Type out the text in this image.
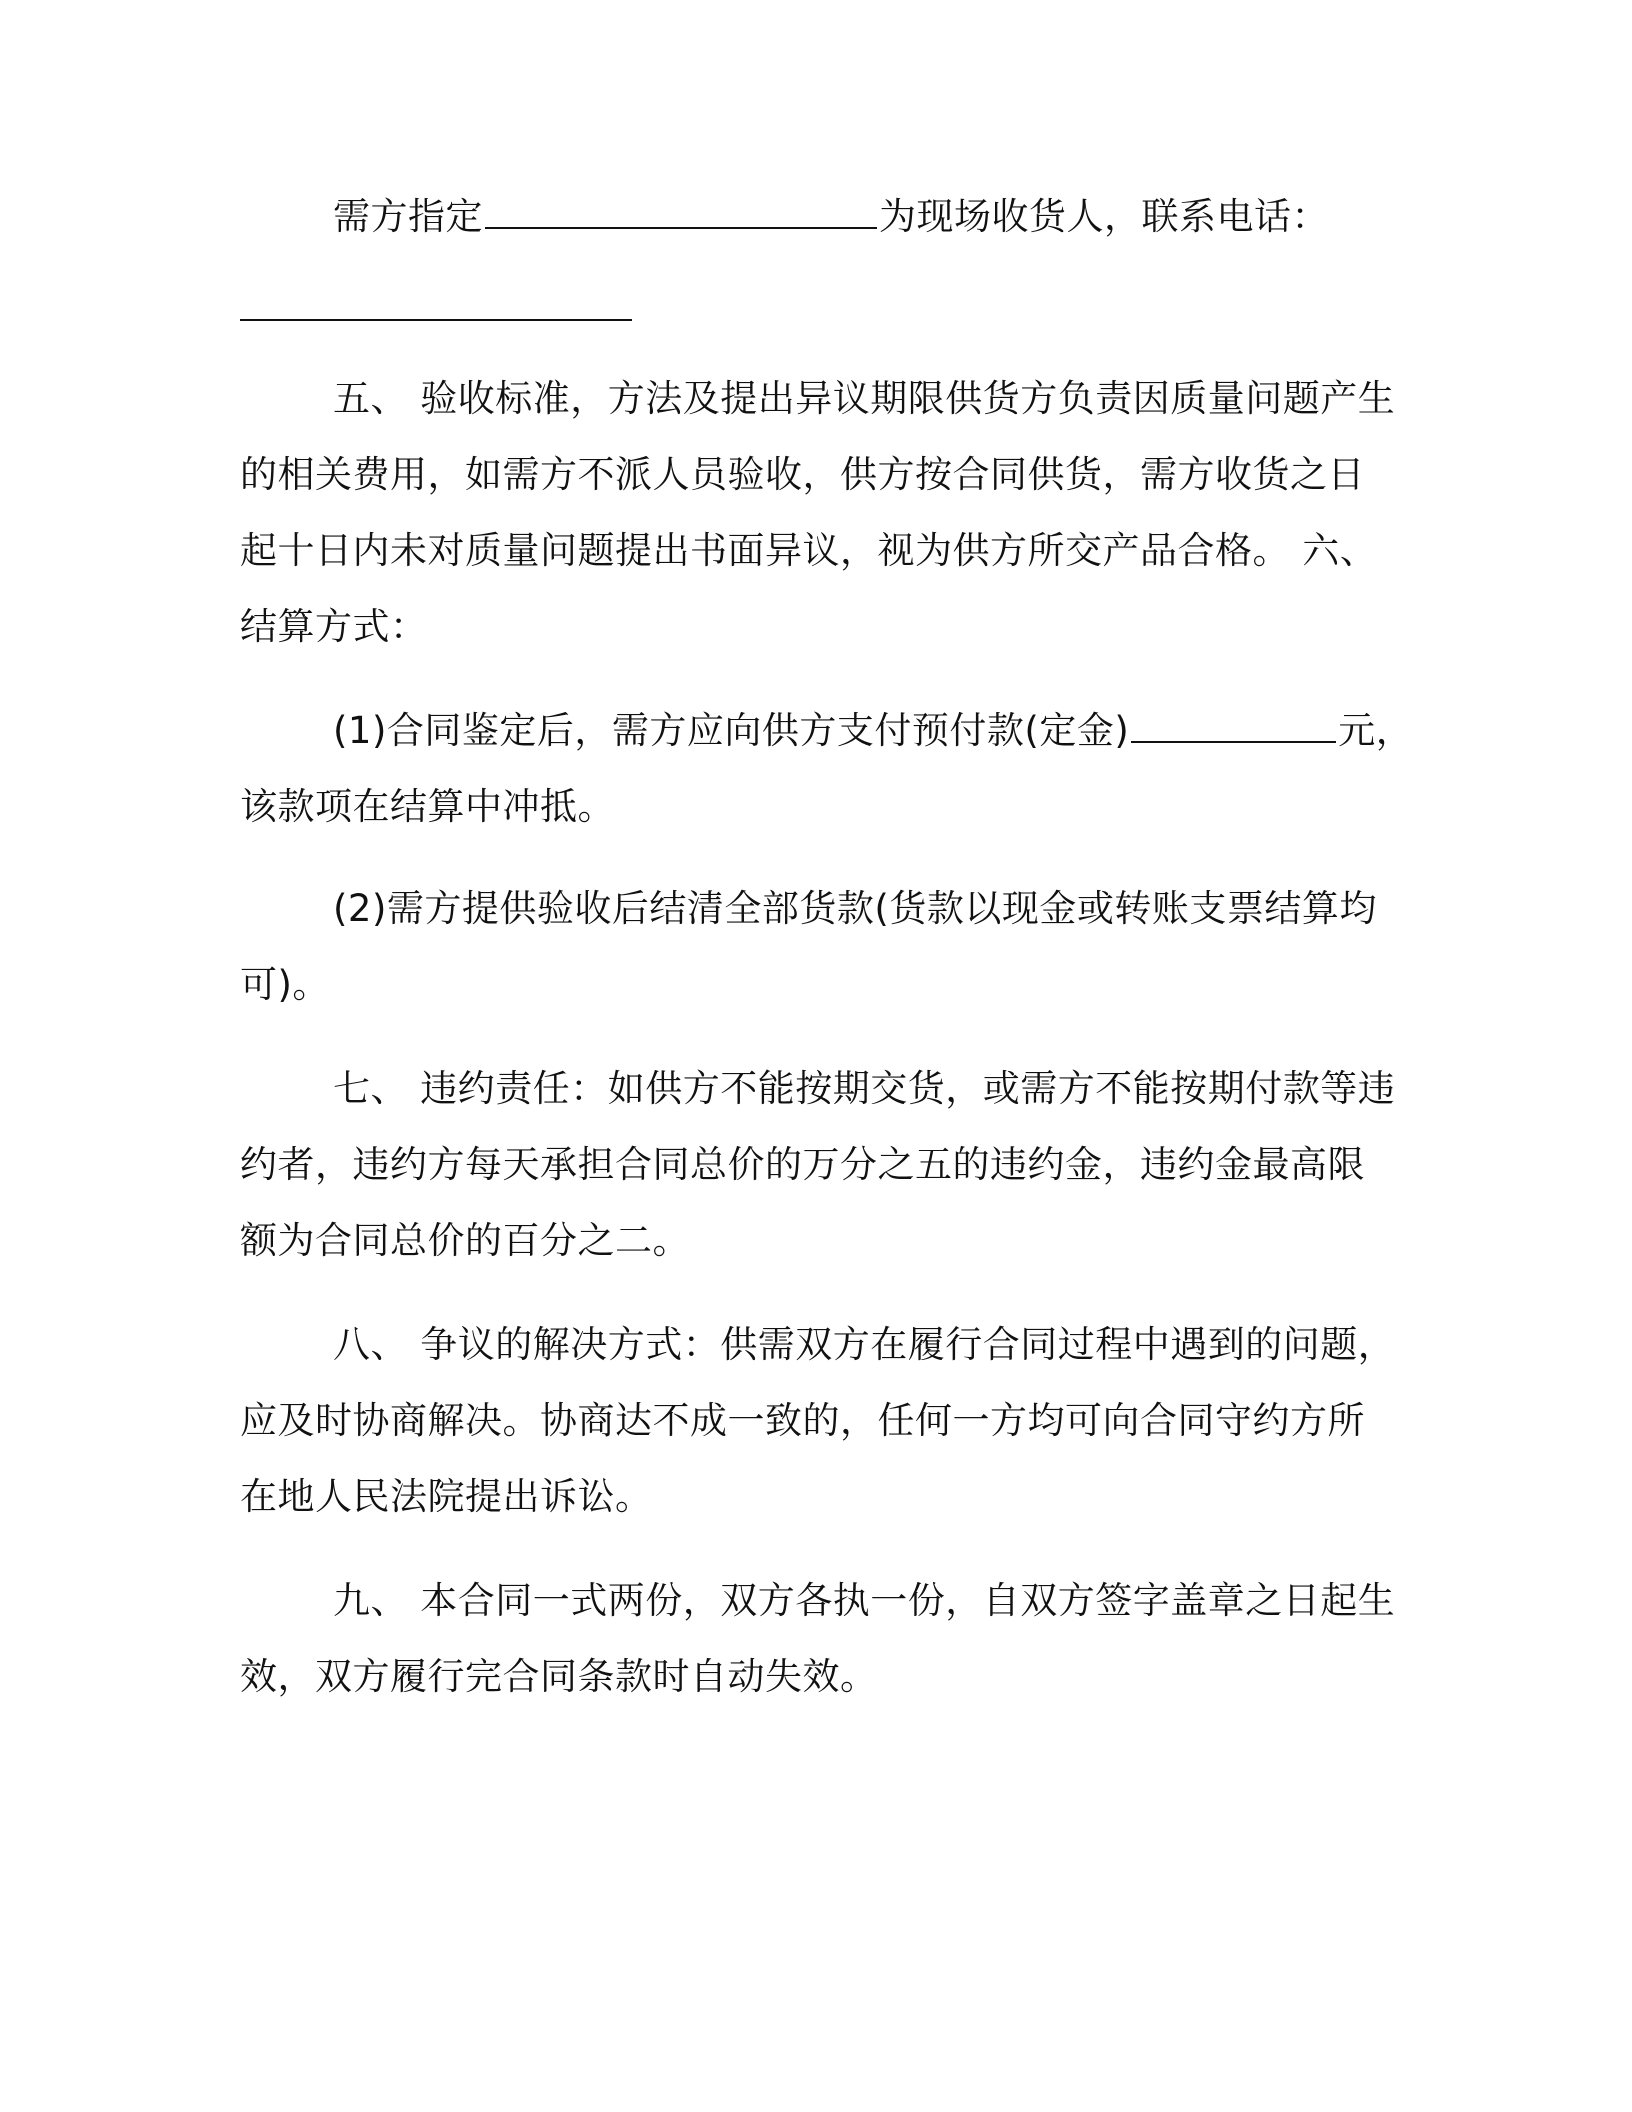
需方指定	为现场收货人，联系电话：
五、 验收标准，方法及提出异议期限供货方负责因质量问题产生
的相关费用，如需方不派人员验收，供方按合同供货，需方收货之日
起十日内未对质量问题提出书面异议，视为供方所交产品合格。 六、
结算方式：
(1)合同鉴定后，需方应向供方支付预付款(定金)	元，
该款项在结算中冲抵。
(2)需方提供验收后结清全部货款(货款以现金或转账支票结算均
可)。
七、 违约责任：如供方不能按期交货，或需方不能按期付款等违
约者，违约方每天承担合同总价的万分之五的违约金，违约金最高限
额为合同总价的百分之二。
八、 争议的解决方式：供需双方在履行合同过程中遇到的问题，
应及时协商解决。协商达不成一致的，任何一方均可向合同守约方所
在地人民法院提出诉讼。
九、 本合同一式两份，双方各执一份，自双方签字盖章之日起生
效，双方履行完合同条款时自动失效。
